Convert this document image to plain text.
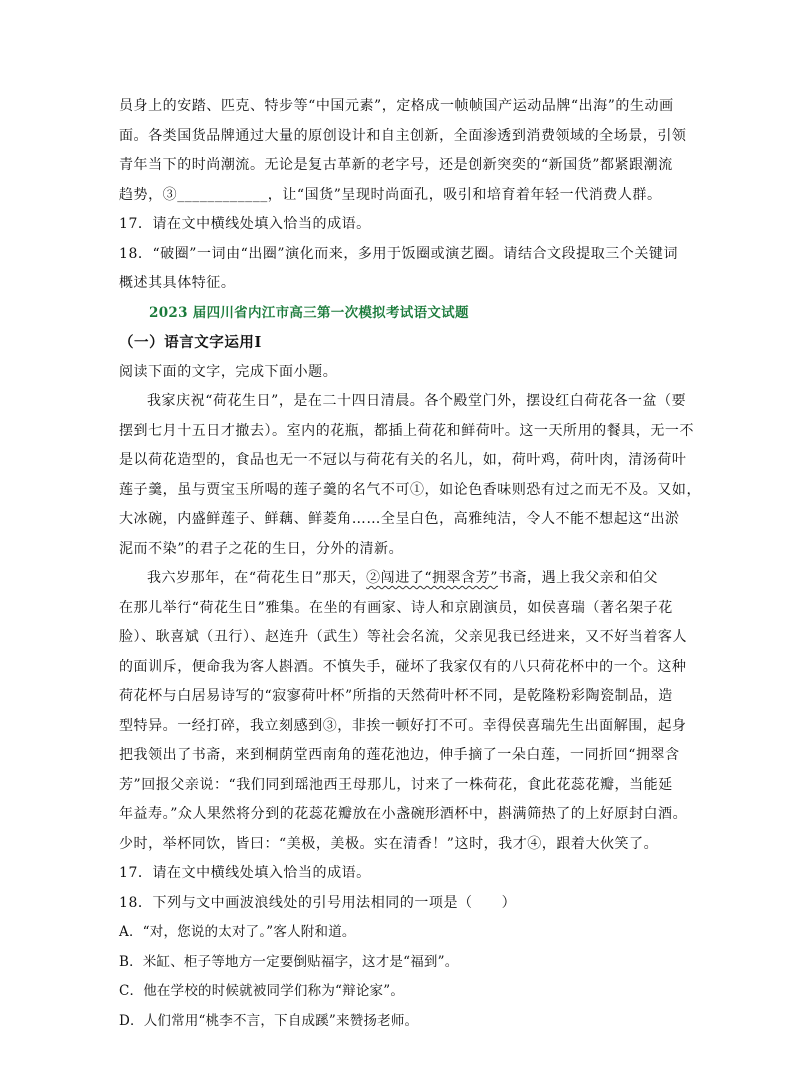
员身上的安踏、匹克、特步等“中国元素”，定格成一帧帧国产运动品牌“出海”的生动画
面。各类国货品牌通过大量的原创设计和自主创新，全面渗透到消费领域的全场景，引领
青年当下的时尚潮流。无论是复古革新的老字号，还是创新突奕的“新国货”都紧跟潮流
趋势，③____________，让“国货”呈现时尚面孔，吸引和培育着年轻一代消费人群。
17．请在文中横线处填入恰当的成语。
18．“破圈”一词由“出圈”演化而来，多用于饭圈或演艺圈。请结合文段提取三个关键词
概述其具体特征。
2023 届四川省内江市高三第一次模拟考试语文试题
（一）语言文字运用Ⅰ
阅读下面的文字，完成下面小题。
我家庆祝“荷花生日”，是在二十四日清晨。各个殿堂门外，摆设红白荷花各一盆（要
摆到七月十五日才撤去）。室内的花瓶，都插上荷花和鲜荷叶。这一天所用的餐具，无一不
是以荷花造型的，食品也无一不冠以与荷花有关的名儿，如，荷叶鸡，荷叶肉，清汤荷叶
莲子羹，虽与贾宝玉所喝的莲子羹的名气不可①，如论色香味则恐有过之而无不及。又如，
大冰碗，内盛鲜莲子、鲜藕、鲜菱角……全呈白色，高雅纯洁，令人不能不想起这“出淤
泥而不染”的君子之花的生日，分外的清新。
我六岁那年，在“荷花生日”那天，②闯进了“拥翠含芳”书斋，遇上我父亲和伯父
在那儿举行“荷花生日”雅集。在坐的有画家、诗人和京剧演员，如侯喜瑞（著名架子花
脸）、耿喜斌（丑行）、赵连升（武生）等社会名流，父亲见我已经进来，又不好当着客人
的面训斥，便命我为客人斟酒。不慎失手，碰坏了我家仅有的八只荷花杯中的一个。这种
荷花杯与白居易诗写的“寂寥荷叶杯”所指的天然荷叶杯不同，是乾隆粉彩陶瓷制品，造
型特异。一经打碎，我立刻感到③，非挨一顿好打不可。幸得侯喜瑞先生出面解围，起身
把我领出了书斋，来到桐荫堂西南角的莲花池边，伸手摘了一朵白莲，一同折回“拥翠含
芳”回报父亲说：“我们同到瑶池西王母那儿，讨来了一株荷花，食此花蕊花瓣，当能延
年益寿。”众人果然将分到的花蕊花瓣放在小盏碗形酒杯中，斟满筛热了的上好原封白酒。
少时，举杯同饮，皆曰：“美极，美极。实在清香！”这时，我才④，跟着大伙笑了。
17．请在文中横线处填入恰当的成语。
18．下列与文中画波浪线处的引号用法相同的一项是（　　）
A．“对，您说的太对了。”客人附和道。
B．米缸、柜子等地方一定要倒贴福字，这才是“福到”。
C．他在学校的时候就被同学们称为“辩论家”。
D．人们常用“桃李不言，下自成蹊”来赞扬老师。
